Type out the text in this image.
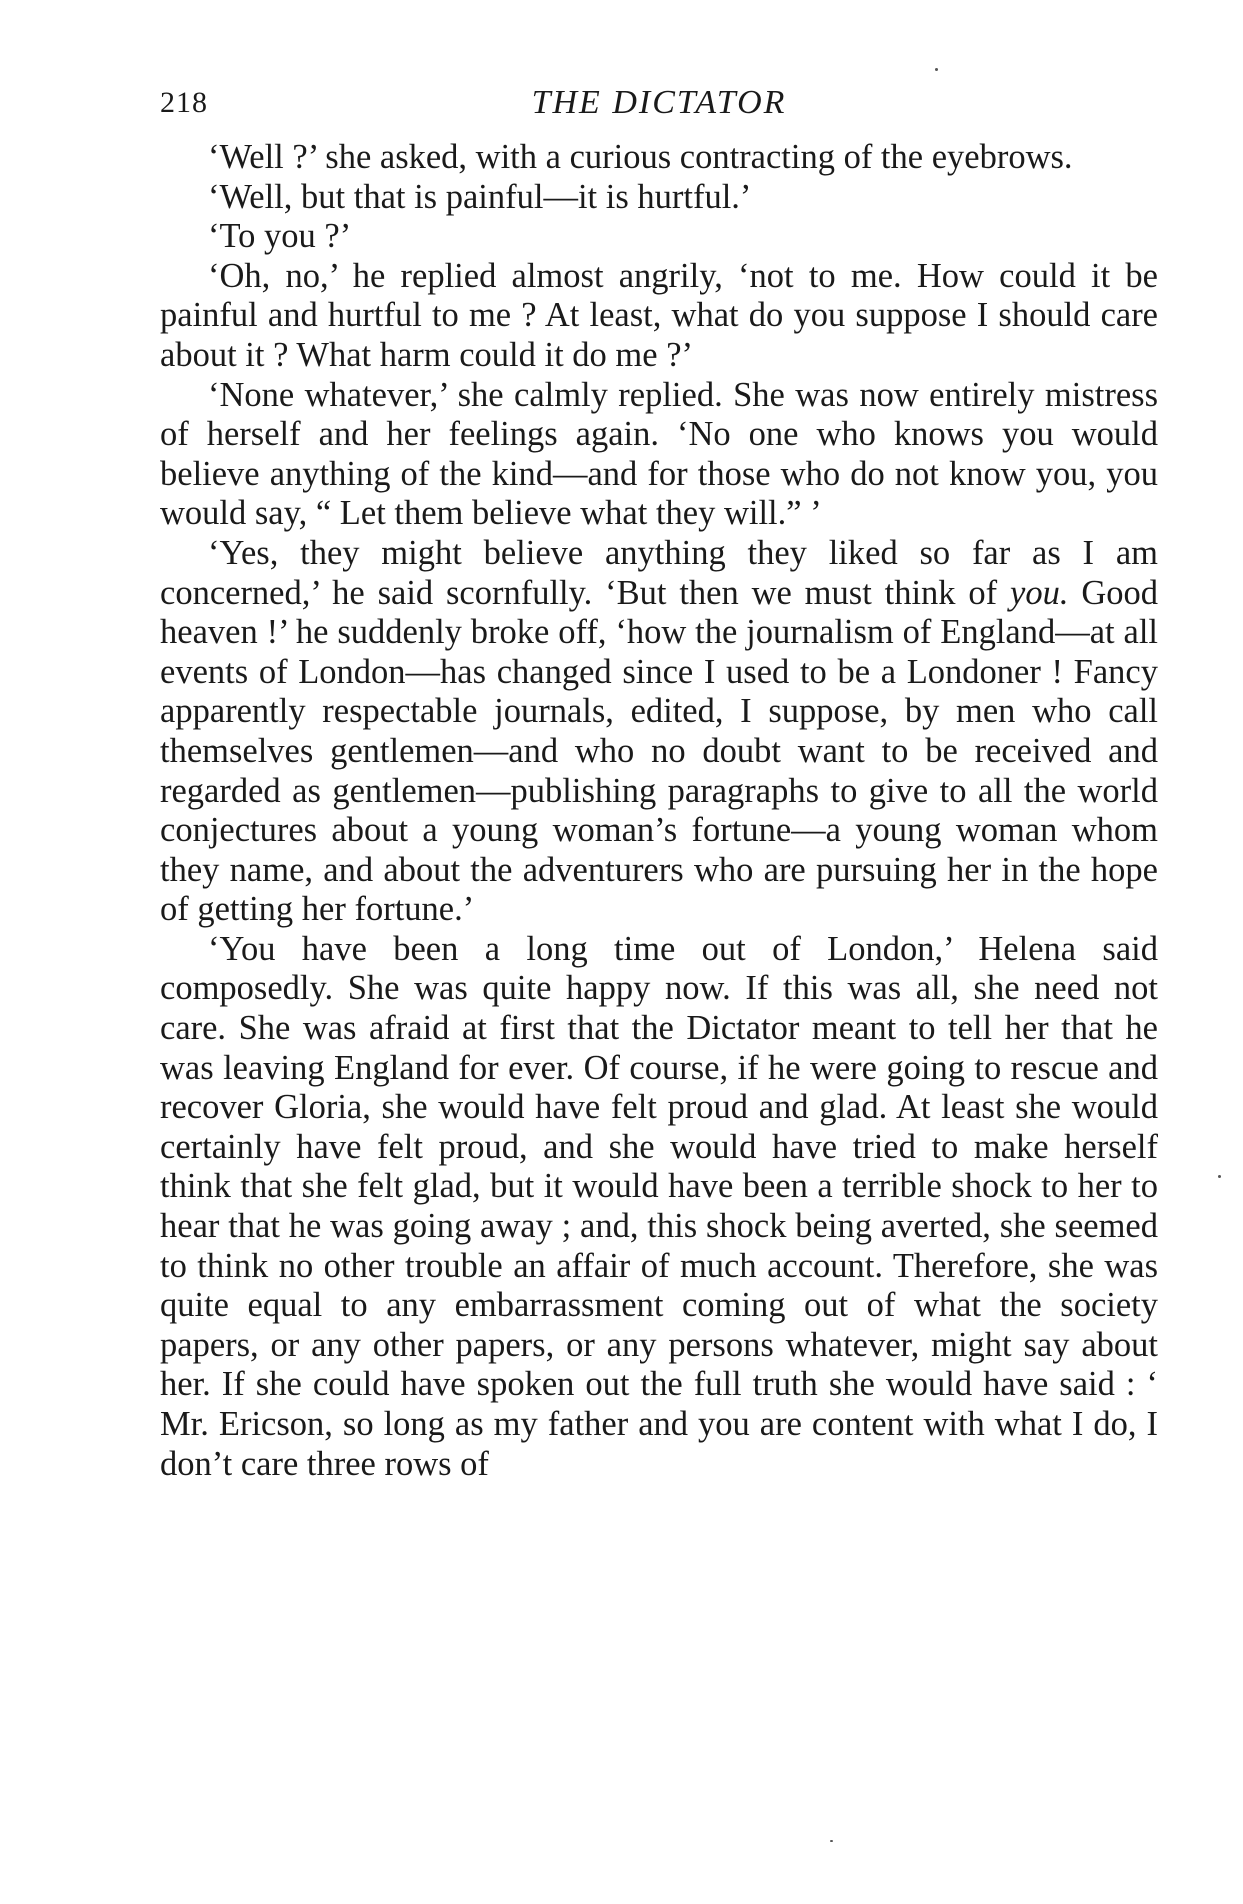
218	THE DICTATOR

‘Well ?’ she asked, with a curious contracting of the eyebrows.

‘Well, but that is painful—it is hurtful.’

‘To you ?’

‘Oh, no,’ he replied almost angrily, ‘not to me. How could it be painful and hurtful to me ? At least, what do you suppose I should care about it ? What harm could it do me ?’

‘None whatever,’ she calmly replied. She was now entirely mistress of herself and her feelings again. ‘No one who knows you would believe anything of the kind—and for those who do not know you, you would say, “ Let them believe what they will.” ’

‘Yes, they might believe anything they liked so far as I am concerned,’ he said scornfully. ‘But then we must think of you. Good heaven !’ he suddenly broke off, ‘how the journalism of England—at all events of London—has changed since I used to be a Londoner ! Fancy apparently respectable journals, edited, I suppose, by men who call themselves gentlemen—and who no doubt want to be received and regarded as gentlemen—publishing paragraphs to give to all the world conjectures about a young woman’s fortune—a young woman whom they name, and about the adventurers who are pursuing her in the hope of getting her fortune.’

‘You have been a long time out of London,’ Helena said composedly. She was quite happy now. If this was all, she need not care. She was afraid at first that the Dictator meant to tell her that he was leaving England for ever. Of course, if he were going to rescue and recover Gloria, she would have felt proud and glad. At least she would certainly have felt proud, and she would have tried to make herself think that she felt glad, but it would have been a terrible shock to her to hear that he was going away ; and, this shock being averted, she seemed to think no other trouble an affair of much account. Therefore, she was quite equal to any embarrassment coming out of what the society papers, or any other papers, or any persons whatever, might say about her. If she could have spoken out the full truth she would have said : ‘ Mr. Ericson, so long as my father and you are content with what I do, I don’t care three rows of
